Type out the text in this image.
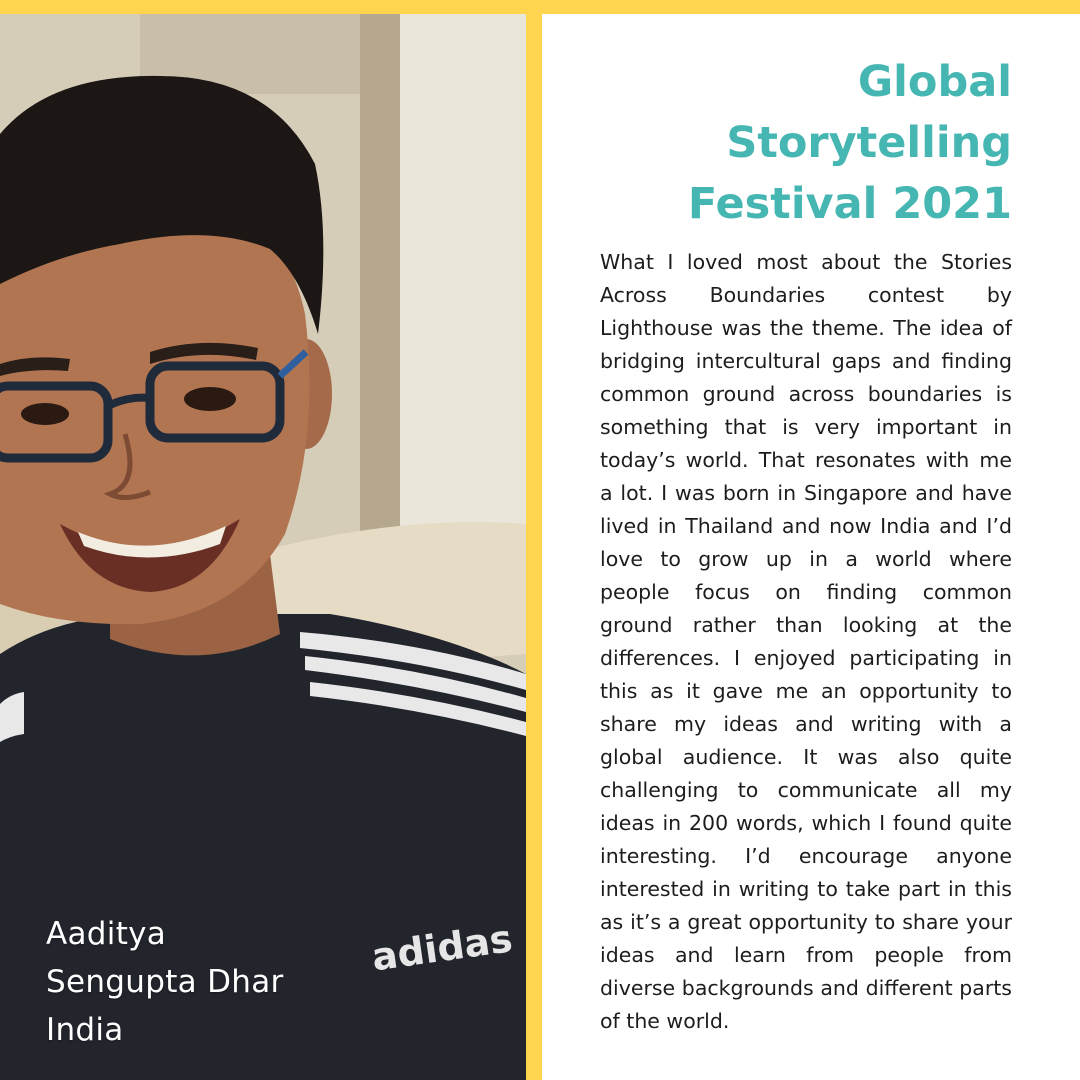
adidas
Aaditya
Sengupta Dhar
India
Global
Storytelling
Festival 2021

What I loved most about the Stories Across Boundaries contest by Lighthouse was the theme. The idea of bridging intercultural gaps and finding common ground across boundaries is something that is very important in today’s world. That resonates with me a lot. I was born in Singapore and have lived in Thailand and now India and I’d love to grow up in a world where people focus on finding common ground rather than looking at the differences. I enjoyed participating in this as it gave me an opportunity to share my ideas and writing with a global audience. It was also quite challenging to communicate all my ideas in 200 words, which I found quite interesting. I’d encourage anyone interested in writing to take part in this as it’s a great opportunity to share your ideas and learn from people from diverse backgrounds and different parts of the world.
